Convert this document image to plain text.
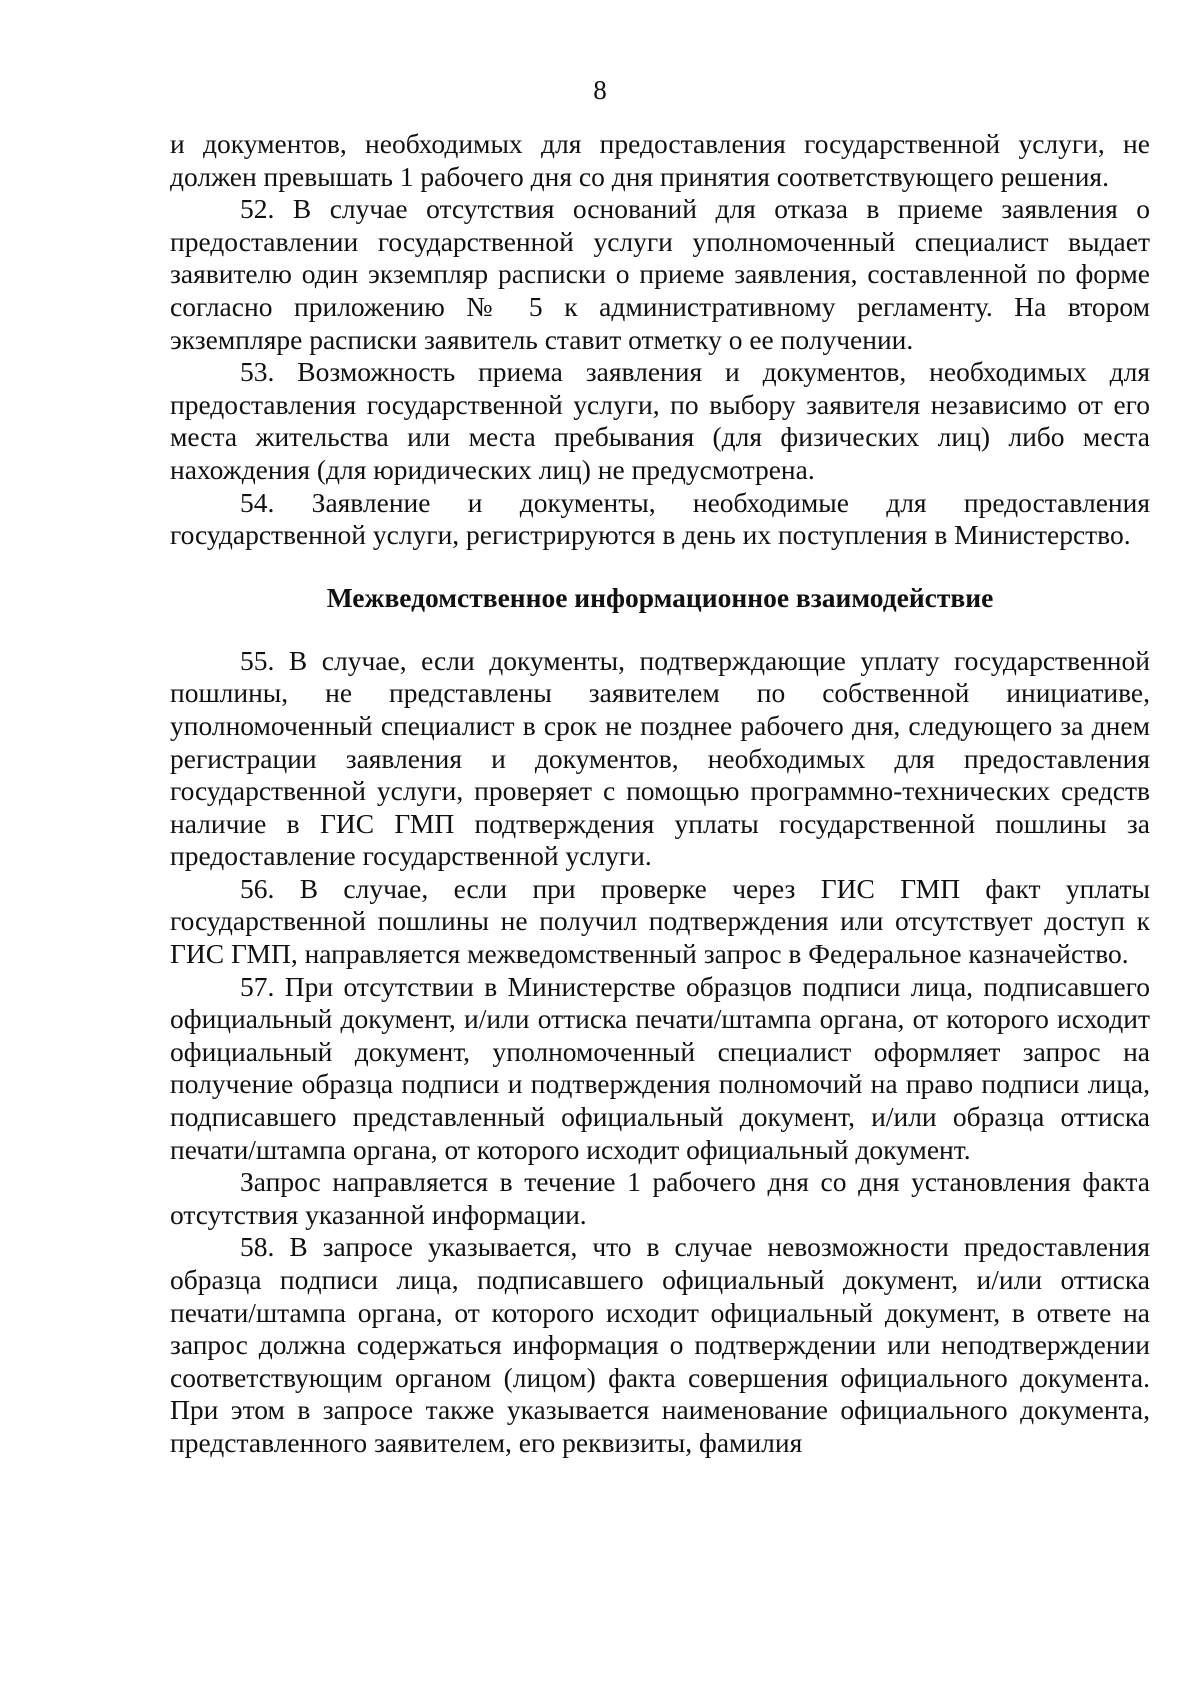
8

и документов, необходимых для предоставления государственной услуги, не должен превышать 1 рабочего дня со дня принятия соответствующего решения.

52. В случае отсутствия оснований для отказа в приеме заявления о предоставлении государственной услуги уполномоченный специалист выдает заявителю один экземпляр расписки о приеме заявления, составленной по форме согласно приложению № 5 к административному регламенту. На втором экземпляре расписки заявитель ставит отметку о ее получении.

53. Возможность приема заявления и документов, необходимых для предоставления государственной услуги, по выбору заявителя независимо от его места жительства или места пребывания (для физических лиц) либо места нахождения (для юридических лиц) не предусмотрена.

54. Заявление и документы, необходимые для предоставления государственной услуги, регистрируются в день их поступления в Министерство.

Межведомственное информационное взаимодействие

55. В случае, если документы, подтверждающие уплату государственной пошлины, не представлены заявителем по собственной инициативе, уполномоченный специалист в срок не позднее рабочего дня, следующего за днем регистрации заявления и документов, необходимых для предоставления государственной услуги, проверяет с помощью программно-технических средств наличие в ГИС ГМП подтверждения уплаты государственной пошлины за предоставление государственной услуги.

56. В случае, если при проверке через ГИС ГМП факт уплаты государственной пошлины не получил подтверждения или отсутствует доступ к ГИС ГМП, направляется межведомственный запрос в Федеральное казначейство.

57. При отсутствии в Министерстве образцов подписи лица, подписавшего официальный документ, и/или оттиска печати/штампа органа, от которого исходит официальный документ, уполномоченный специалист оформляет запрос на получение образца подписи и подтверждения полномочий на право подписи лица, подписавшего представленный официальный документ, и/или образца оттиска печати/штампа органа, от которого исходит официальный документ.

Запрос направляется в течение 1 рабочего дня со дня установления факта отсутствия указанной информации.

58. В запросе указывается, что в случае невозможности предоставления образца подписи лица, подписавшего официальный документ, и/или оттиска печати/штампа органа, от которого исходит официальный документ, в ответе на запрос должна содержаться информация о подтверждении или неподтверждении соответствующим органом (лицом) факта совершения официального документа. При этом в запросе также указывается наименование официального документа, представленного заявителем, его реквизиты, фамилия
